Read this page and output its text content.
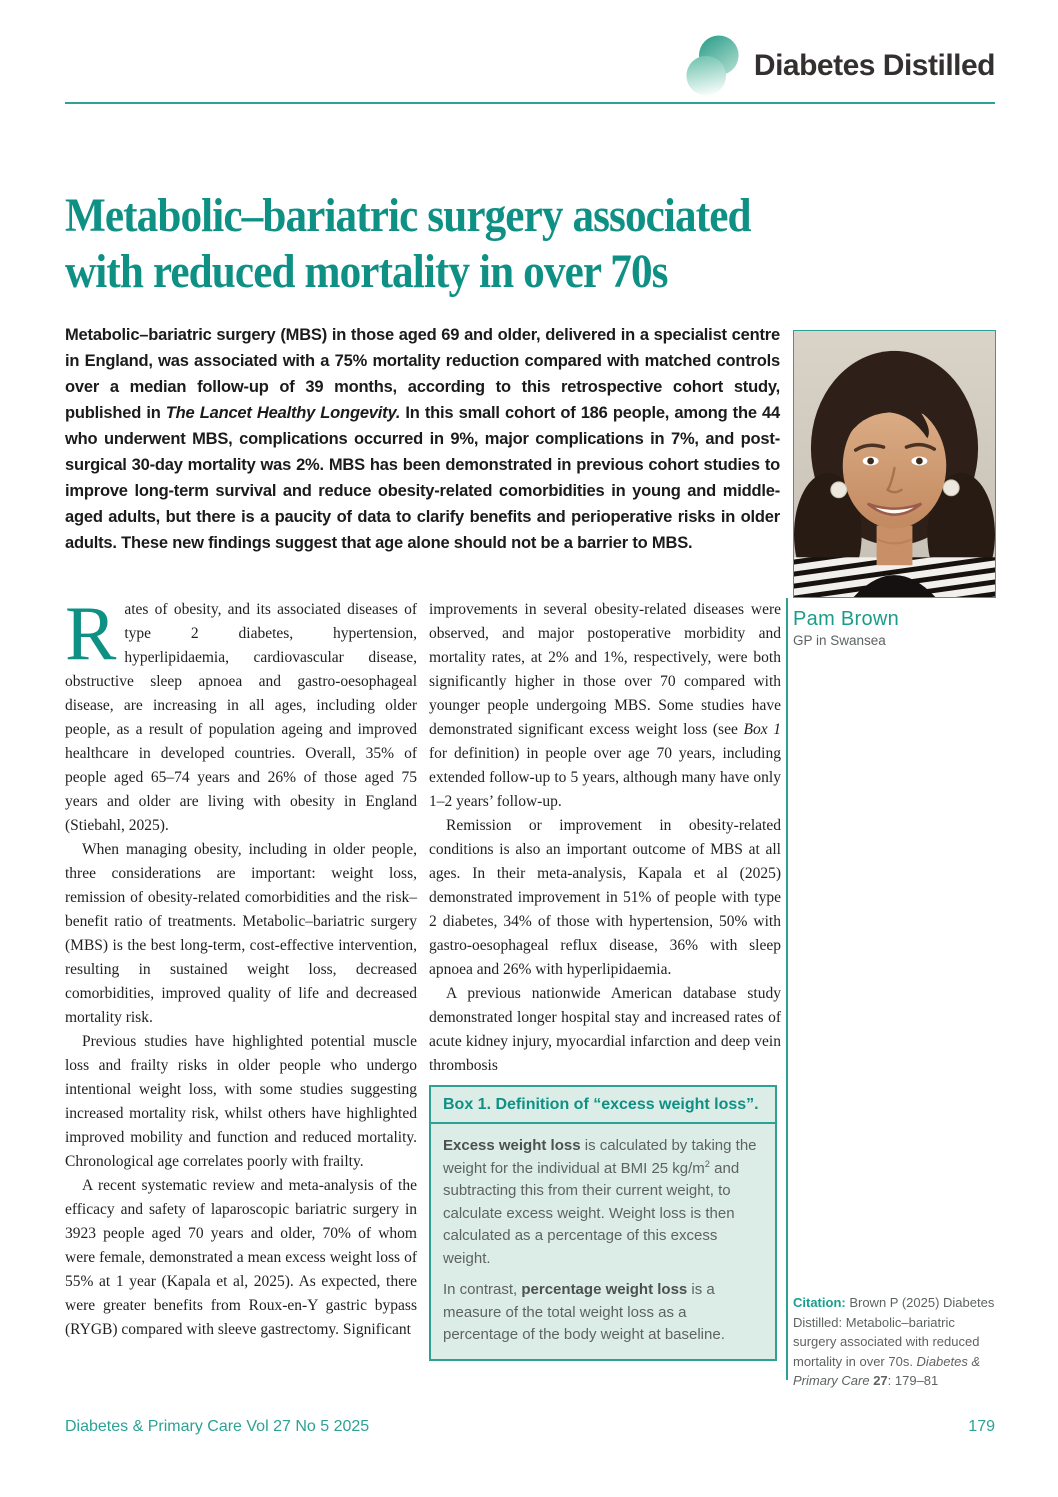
Diabetes Distilled
Metabolic–bariatric surgery associated
with reduced mortality in over 70s

Metabolic–bariatric surgery (MBS) in those aged 69 and older, delivered in a specialist centre in England, was associated with a 75% mortality reduction compared with matched controls over a median follow-up of 39 months, according to this retrospective cohort study, published in The Lancet Healthy Longevity. In this small cohort of 186 people, among the 44 who underwent MBS, complications occurred in 9%, major complications in 7%, and post-surgical 30-day mortality was 2%. MBS has been demonstrated in previous cohort studies to improve long-term survival and reduce obesity-related comorbidities in young and middle-aged adults, but there is a paucity of data to clarify benefits and perioperative risks in older adults. These new findings suggest that age alone should not be a barrier to MBS.

Rates of obesity, and its associated diseases of type 2 diabetes, hypertension, hyperlipidaemia, cardiovascular disease, obstructive sleep apnoea and gastro-oesophageal disease, are increasing in all ages, including older people, as a result of population ageing and improved healthcare in developed countries. Overall, 35% of people aged 65–74 years and 26% of those aged 75 years and older are living with obesity in England (Stiebahl, 2025).

When managing obesity, including in older people, three considerations are important: weight loss, remission of obesity-related comorbidities and the risk–benefit ratio of treatments. Metabolic–bariatric surgery (MBS) is the best long-term, cost-effective intervention, resulting in sustained weight loss, decreased comorbidities, improved quality of life and decreased mortality risk.

Previous studies have highlighted potential muscle loss and frailty risks in older people who undergo intentional weight loss, with some studies suggesting increased mortality risk, whilst others have highlighted improved mobility and function and reduced mortality. Chronological age correlates poorly with frailty.

A recent systematic review and meta-analysis of the efficacy and safety of laparoscopic bariatric surgery in 3923 people aged 70 years and older, 70% of whom were female, demonstrated a mean excess weight loss of 55% at 1 year (Kapala et al, 2025). As expected, there were greater benefits from Roux-en-Y gastric bypass (RYGB) compared with sleeve gastrectomy. Significant

improvements in several obesity-related diseases were observed, and major postoperative morbidity and mortality rates, at 2% and 1%, respectively, were both significantly higher in those over 70 compared with younger people undergoing MBS. Some studies have demonstrated significant excess weight loss (see Box 1 for definition) in people over age 70 years, including extended follow-up to 5 years, although many have only 1–2 years’ follow-up.

Remission or improvement in obesity-related conditions is also an important outcome of MBS at all ages. In their meta-analysis, Kapala et al (2025) demonstrated improvement in 51% of people with type 2 diabetes, 34% of those with hypertension, 50% with gastro-oesophageal reflux disease, 36% with sleep apnoea and 26% with hyperlipidaemia.

A previous nationwide American database study demonstrated longer hospital stay and increased rates of acute kidney injury, myocardial infarction and deep vein thrombosis

Box 1. Definition of “excess weight loss”.

Excess weight loss is calculated by taking the weight for the individual at BMI 25 $kg/m^2$ and subtracting this from their current weight, to calculate excess weight. Weight loss is then calculated as a percentage of this excess weight.

In contrast, percentage weight loss is a measure of the total weight loss as a percentage of the body weight at baseline.

Pam Brown
GP in Swansea
Citation: Brown P (2025) Diabetes Distilled: Metabolic–bariatric surgery associated with reduced mortality in over 70s. Diabetes & Primary Care 27: 179–81
Diabetes & Primary Care Vol 27 No 5 2025	179
